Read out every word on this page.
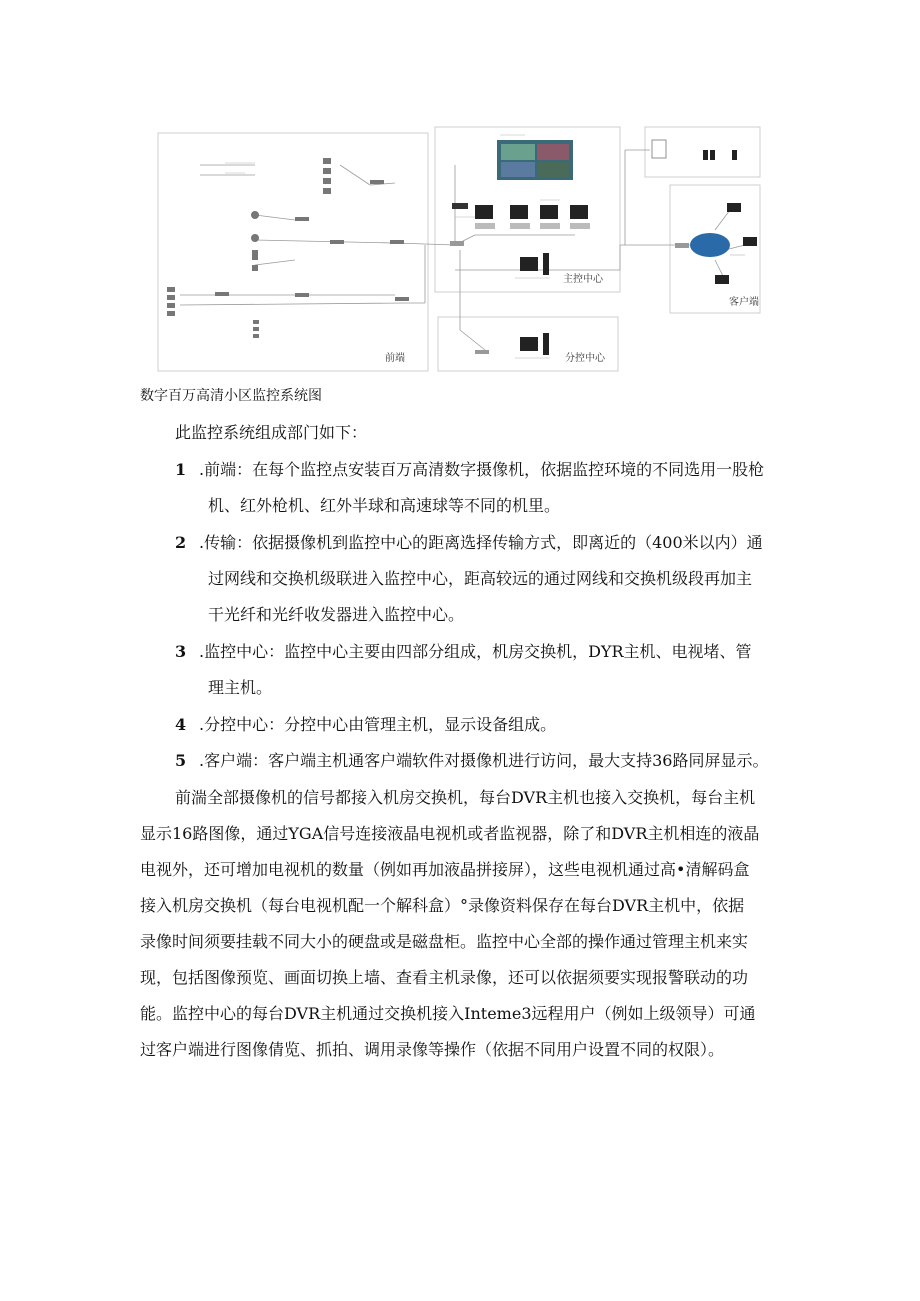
前端
主控中心
分控中心
客户端
数字百万高清小区监控系统图
此监控系统组成部门如下：
1 .前端：在每个监控点安装百万高清数字摄像机，依据监控环境的不同选用一股枪
机、红外枪机、红外半球和高速球等不同的机里。
2 .传输：依据摄像机到监控中心的距离选择传输方式，即离近的（400米以内）通
过网线和交换机级联进入监控中心，距高较远的通过网线和交换机级段再加主
干光纤和光纤收发器进入监控中心。
3 .监控中心：监控中心主要由四部分组成，机房交换机，DYR主机、电视堵、管
理主机。
4 .分控中心：分控中心由管理主机，显示设备组成。
5 .客户端：客户端主机通客户端软件对摄像机进行访问，最大支持36路同屏显示。
前湍全部摄像机的信号都接入机房交换机，每台DVR主机也接入交换机，每台主机
显示16路图像，通过YGA信号连接液晶电视机或者监视器，除了和DVR主机相连的液晶
电视外，还可增加电视机的数量（例如再加液晶拼接屏），这些电视机通过高•清解码盒
接入机房交换机（每台电视机配一个解科盒）°录像资料保存在每台DVR主机中，依据
录像时间须要挂载不同大小的硬盘或是磁盘柜。监控中心全部的操作通过管理主机来实
现，包括图像预览、画面切换上墙、查看主机录像，还可以依据须要实现报警联动的功
能。监控中心的每台DVR主机通过交换机接入Inteme3远程用户（例如上级领导）可通
过客户端进行图像倩览、抓拍、调用录像等操作（依据不同用户设置不同的权限）。
